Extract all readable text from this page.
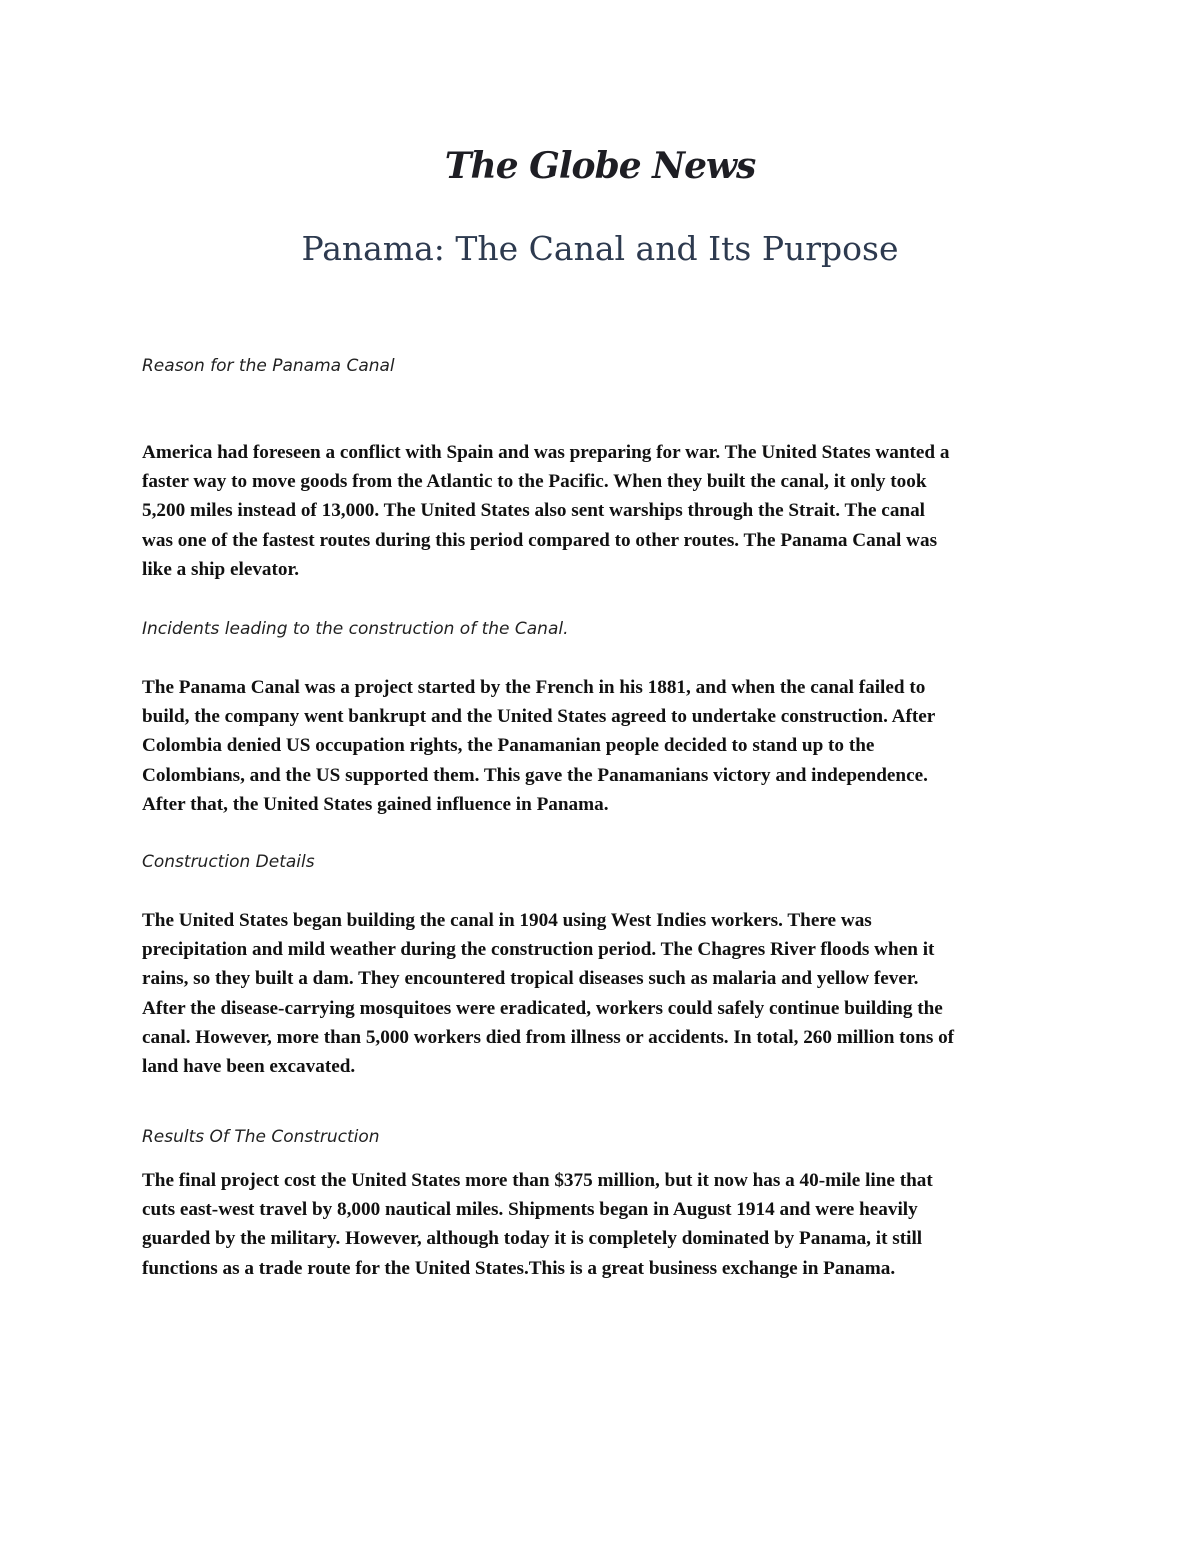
The Globe News
Panama: The Canal and Its Purpose
Reason for the Panama Canal
America had foreseen a conflict with Spain and was preparing for war. The United States wanted a
faster way to move goods from the Atlantic to the Pacific. When they built the canal, it only took
5,200 miles instead of 13,000. The United States also sent warships through the Strait. The canal
was one of the fastest routes during this period compared to other routes. The Panama Canal was
like a ship elevator.
Incidents leading to the construction of the Canal.
The Panama Canal was a project started by the French in his 1881, and when the canal failed to
build, the company went bankrupt and the United States agreed to undertake construction. After
Colombia denied US occupation rights, the Panamanian people decided to stand up to the
Colombians, and the US supported them. This gave the Panamanians victory and independence.
After that, the United States gained influence in Panama.
Construction Details
The United States began building the canal in 1904 using West Indies workers. There was
precipitation and mild weather during the construction period. The Chagres River floods when it
rains, so they built a dam. They encountered tropical diseases such as malaria and yellow fever.
After the disease-carrying mosquitoes were eradicated, workers could safely continue building the
canal. However, more than 5,000 workers died from illness or accidents. In total, 260 million tons of
land have been excavated.
Results Of The Construction
The final project cost the United States more than $375 million, but it now has a 40-mile line that
cuts east-west travel by 8,000 nautical miles. Shipments began in August 1914 and were heavily
guarded by the military. However, although today it is completely dominated by Panama, it still
functions as a trade route for the United States.This is a great business exchange in Panama.
